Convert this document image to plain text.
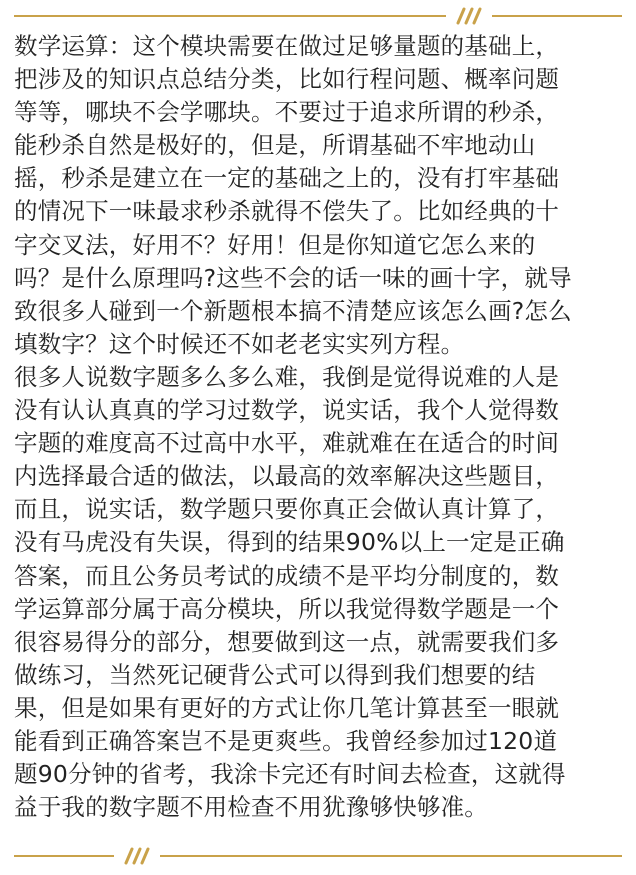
数学运算：这个模块需要在做过足够量题的基础上，
把涉及的知识点总结分类，比如行程问题、概率问题
等等，哪块不会学哪块。不要过于追求所谓的秒杀，
能秒杀自然是极好的，但是，所谓基础不牢地动山
摇，秒杀是建立在一定的基础之上的，没有打牢基础
的情况下一味最求秒杀就得不偿失了。比如经典的十
字交叉法，好用不？好用！但是你知道它怎么来的
吗？是什么原理吗?这些不会的话一味的画十字，就导
致很多人碰到一个新题根本搞不清楚应该怎么画?怎么
填数字？这个时候还不如老老实实列方程。
很多人说数字题多么多么难，我倒是觉得说难的人是
没有认认真真的学习过数学，说实话，我个人觉得数
字题的难度高不过高中水平，难就难在在适合的时间
内选择最合适的做法，以最高的效率解决这些题目，
而且，说实话，数学题只要你真正会做认真计算了，
没有马虎没有失误，得到的结果90%以上一定是正确
答案，而且公务员考试的成绩不是平均分制度的，数
学运算部分属于高分模块，所以我觉得数学题是一个
很容易得分的部分，想要做到这一点，就需要我们多
做练习，当然死记硬背公式可以得到我们想要的结
果，但是如果有更好的方式让你几笔计算甚至一眼就
能看到正确答案岂不是更爽些。我曾经参加过120道
题90分钟的省考，我涂卡完还有时间去检查，这就得
益于我的数字题不用检查不用犹豫够快够准。
